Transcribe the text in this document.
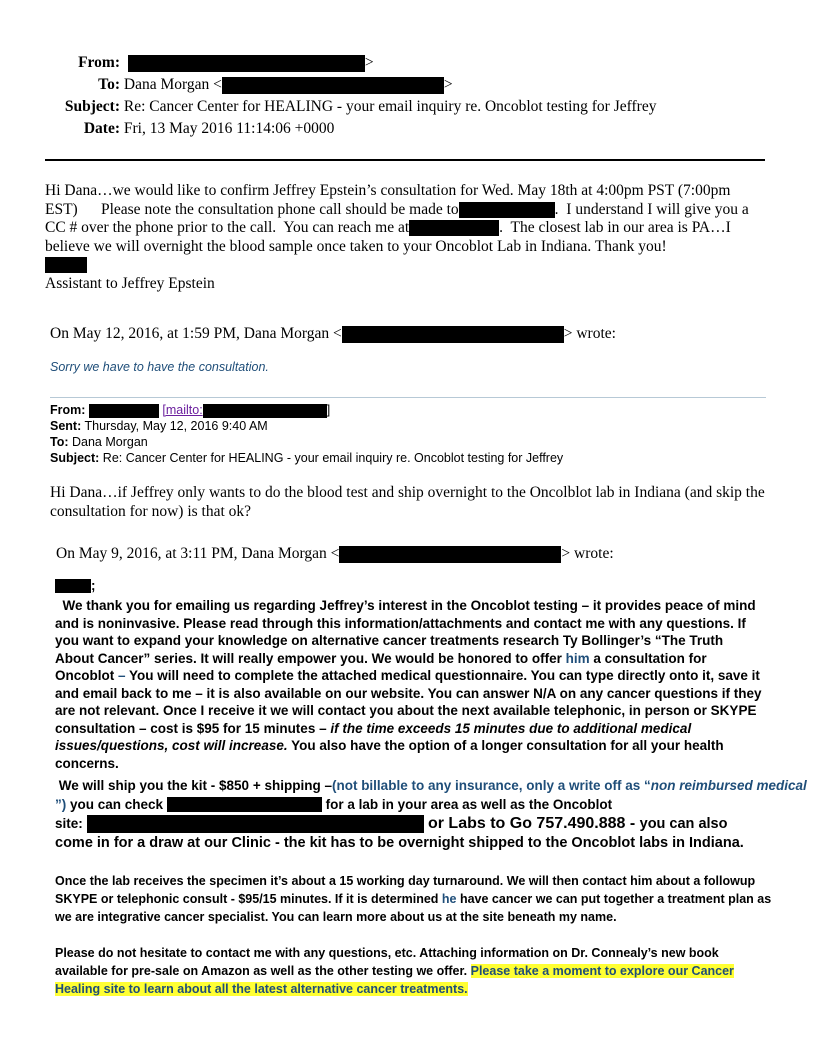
From:	>
To: Dana Morgan <	>
Subject: Re: Cancer Center for HEALING - your email inquiry re. Oncoblot testing for Jeffrey
Date: Fri, 13 May 2016 11:14:06 +0000
Hi Dana…we would like to confirm Jeffrey Epstein’s consultation for Wed. May 18th at 4:00pm PST (7:00pm
EST)      Please note the consultation phone call should be made to	.  I understand I will give you a
CC # over the phone prior to the call.  You can reach me at	.  The closest lab in our area is PA…I
believe we will overnight the blood sample once taken to your Oncoblot Lab in Indiana. Thank you!
Assistant to Jeffrey Epstein
On May 12, 2016, at 1:59 PM, Dana Morgan <	> wrote:
Sorry we have to have the consultation.
From:	[mailto:	]
Sent: Thursday, May 12, 2016 9:40 AM
To: Dana Morgan
Subject: Re: Cancer Center for HEALING - your email inquiry re. Oncoblot testing for Jeffrey
Hi Dana…if Jeffrey only wants to do the blood test and ship overnight to the Oncolblot lab in Indiana (and skip the consultation for now) is that ok?
On May 9, 2016, at 3:11 PM, Dana Morgan <	> wrote:
;
We thank you for emailing us regarding Jeffrey’s interest in the Oncoblot testing – it provides peace of mind and is noninvasive. Please read through this information/attachments and contact me with any questions. If you want to expand your knowledge on alternative cancer treatments research Ty Bollinger’s “The Truth About Cancer” series. It will really empower you. We would be honored to offer him a consultation for Oncoblot – You will need to complete the attached medical questionnaire. You can type directly onto it, save it and email back to me – it is also available on our website. You can answer N/A on any cancer questions if they are not relevant. Once I receive it we will contact you about the next available telephonic, in person or SKYPE consultation – cost is $95 for 15 minutes – if the time exceeds 15 minutes due to additional medical issues/questions, cost will increase. You also have the option of a longer consultation for all your health concerns.
We will ship you the kit - $850 + shipping –(not billable to any insurance, only a write off as “non reimbursed medical
”) you can check	for a lab in your area as well as the Oncoblot
site:	or Labs to Go 757.490.888 - you can also
come in for a draw at our Clinic - the kit has to be overnight shipped to the Oncoblot labs in Indiana.
Once the lab receives the specimen it’s about a 15 working day turnaround. We will then contact him about a followup SKYPE or telephonic consult - $95/15 minutes. If it is determined he have cancer we can put together a treatment plan as we are integrative cancer specialist. You can learn more about us at the site beneath my name.
Please do not hesitate to contact me with any questions, etc. Attaching information on Dr. Connealy’s new book available for pre-sale on Amazon as well as the other testing we offer. Please take a moment to explore our Cancer Healing site to learn about all the latest alternative cancer treatments.
